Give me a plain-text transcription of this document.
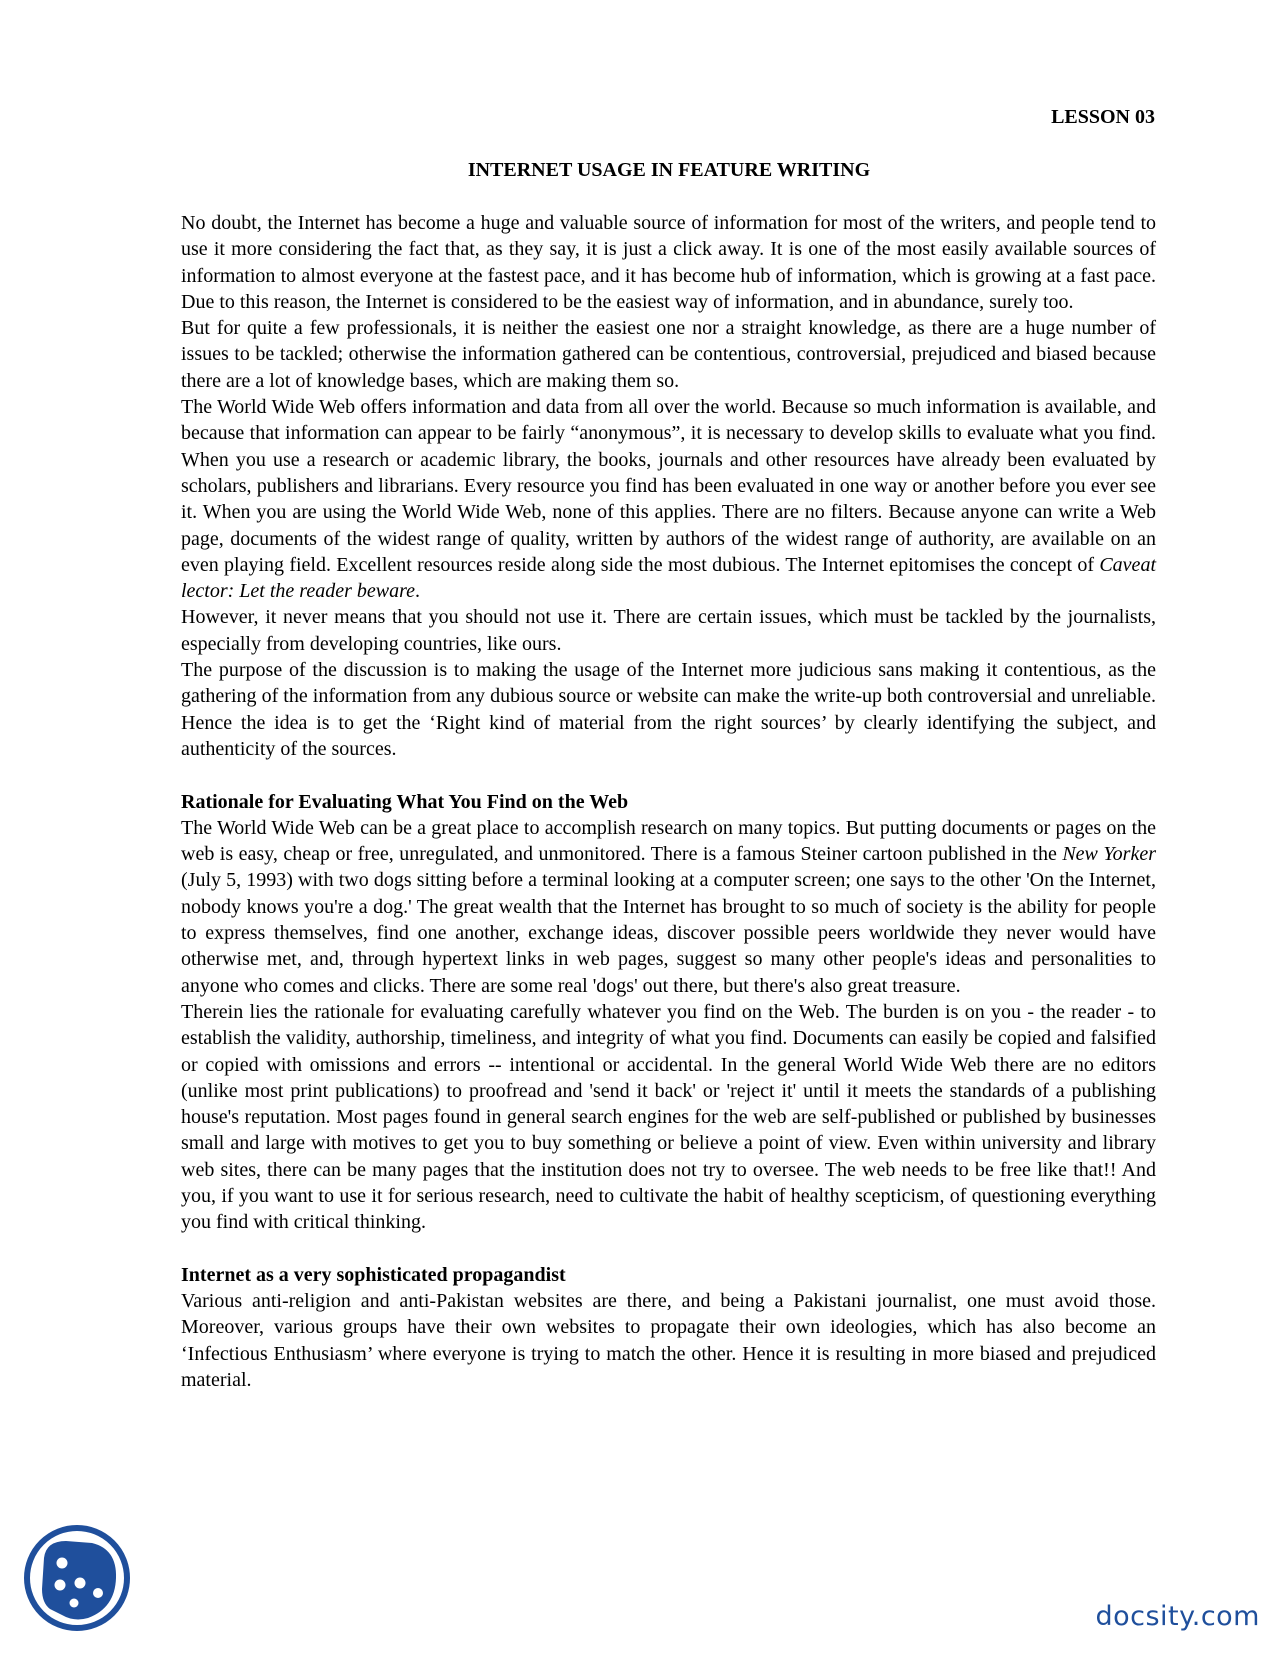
LESSON 03
INTERNET USAGE IN FEATURE WRITING

No doubt, the Internet has become a huge and valuable source of information for most of the writers, and people tend to use it more considering the fact that, as they say, it is just a click away. It is one of the most easily available sources of information to almost everyone at the fastest pace, and it has become hub of information, which is growing at a fast pace. Due to this reason, the Internet is considered to be the easiest way of information, and in abundance, surely too.

But for quite a few professionals, it is neither the easiest one nor a straight knowledge, as there are a huge number of issues to be tackled; otherwise the information gathered can be contentious, controversial, prejudiced and biased because there are a lot of knowledge bases, which are making them so.

The World Wide Web offers information and data from all over the world. Because so much information is available, and because that information can appear to be fairly “anonymous”, it is necessary to develop skills to evaluate what you find. When you use a research or academic library, the books, journals and other resources have already been evaluated by scholars, publishers and librarians. Every resource you find has been evaluated in one way or another before you ever see it. When you are using the World Wide Web, none of this applies. There are no filters. Because anyone can write a Web page, documents of the widest range of quality, written by authors of the widest range of authority, are available on an even playing field. Excellent resources reside along side the most dubious. The Internet epitomises the concept of Caveat lector: Let the reader beware.

However, it never means that you should not use it. There are certain issues, which must be tackled by the journalists, especially from developing countries, like ours.

The purpose of the discussion is to making the usage of the Internet more judicious sans making it contentious, as the gathering of the information from any dubious source or website can make the write-up both controversial and unreliable. Hence the idea is to get the ‘Right kind of material from the right sources’ by clearly identifying the subject, and authenticity of the sources.

Rationale for Evaluating What You Find on the Web

The World Wide Web can be a great place to accomplish research on many topics. But putting documents or pages on the web is easy, cheap or free, unregulated, and unmonitored. There is a famous Steiner cartoon published in the New Yorker (July 5, 1993) with two dogs sitting before a terminal looking at a computer screen; one says to the other 'On the Internet, nobody knows you're a dog.' The great wealth that the Internet has brought to so much of society is the ability for people to express themselves, find one another, exchange ideas, discover possible peers worldwide they never would have otherwise met, and, through hypertext links in web pages, suggest so many other people's ideas and personalities to anyone who comes and clicks. There are some real 'dogs' out there, but there's also great treasure.

Therein lies the rationale for evaluating carefully whatever you find on the Web. The burden is on you - the reader - to establish the validity, authorship, timeliness, and integrity of what you find. Documents can easily be copied and falsified or copied with omissions and errors -- intentional or accidental. In the general World Wide Web there are no editors (unlike most print publications) to proofread and 'send it back' or 'reject it' until it meets the standards of a publishing house's reputation. Most pages found in general search engines for the web are self-published or published by businesses small and large with motives to get you to buy something or believe a point of view. Even within university and library web sites, there can be many pages that the institution does not try to oversee. The web needs to be free like that!! And you, if you want to use it for serious research, need to cultivate the habit of healthy scepticism, of questioning everything you find with critical thinking.

Internet as a very sophisticated propagandist

Various anti-religion and anti-Pakistan websites are there, and being a Pakistani journalist, one must avoid those. Moreover, various groups have their own websites to propagate their own ideologies, which has also become an ‘Infectious Enthusiasm’ where everyone is trying to match the other. Hence it is resulting in more biased and prejudiced material.

docsity.com
